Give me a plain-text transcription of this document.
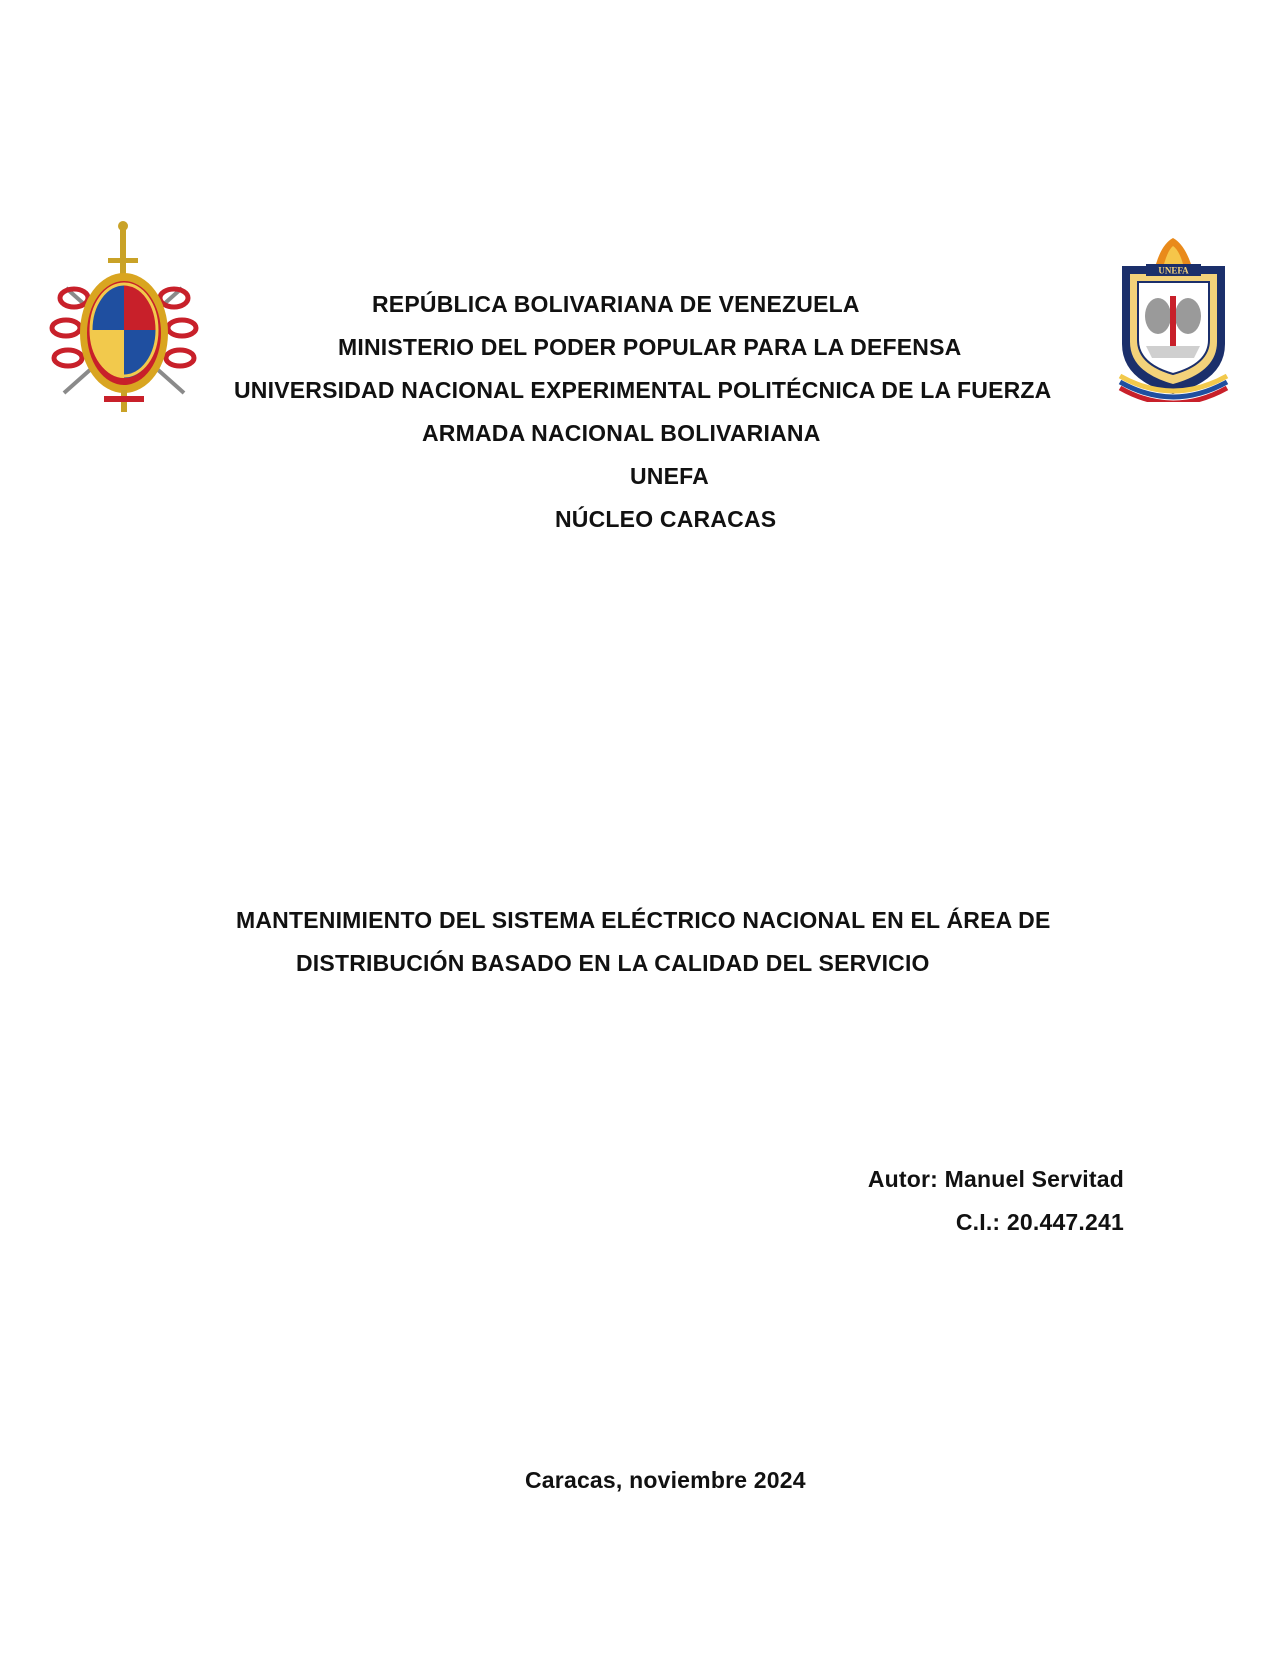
UNEFA
REPÚBLICA BOLIVARIANA DE VENEZUELA
MINISTERIO DEL PODER POPULAR PARA LA DEFENSA
UNIVERSIDAD NACIONAL EXPERIMENTAL POLITÉCNICA DE LA FUERZA
ARMADA NACIONAL BOLIVARIANA
UNEFA
NÚCLEO CARACAS
MANTENIMIENTO DEL SISTEMA ELÉCTRICO NACIONAL EN EL ÁREA DE
DISTRIBUCIÓN BASADO EN LA CALIDAD DEL SERVICIO
Autor: Manuel Servitad
C.I.: 20.447.241
Caracas, noviembre 2024
